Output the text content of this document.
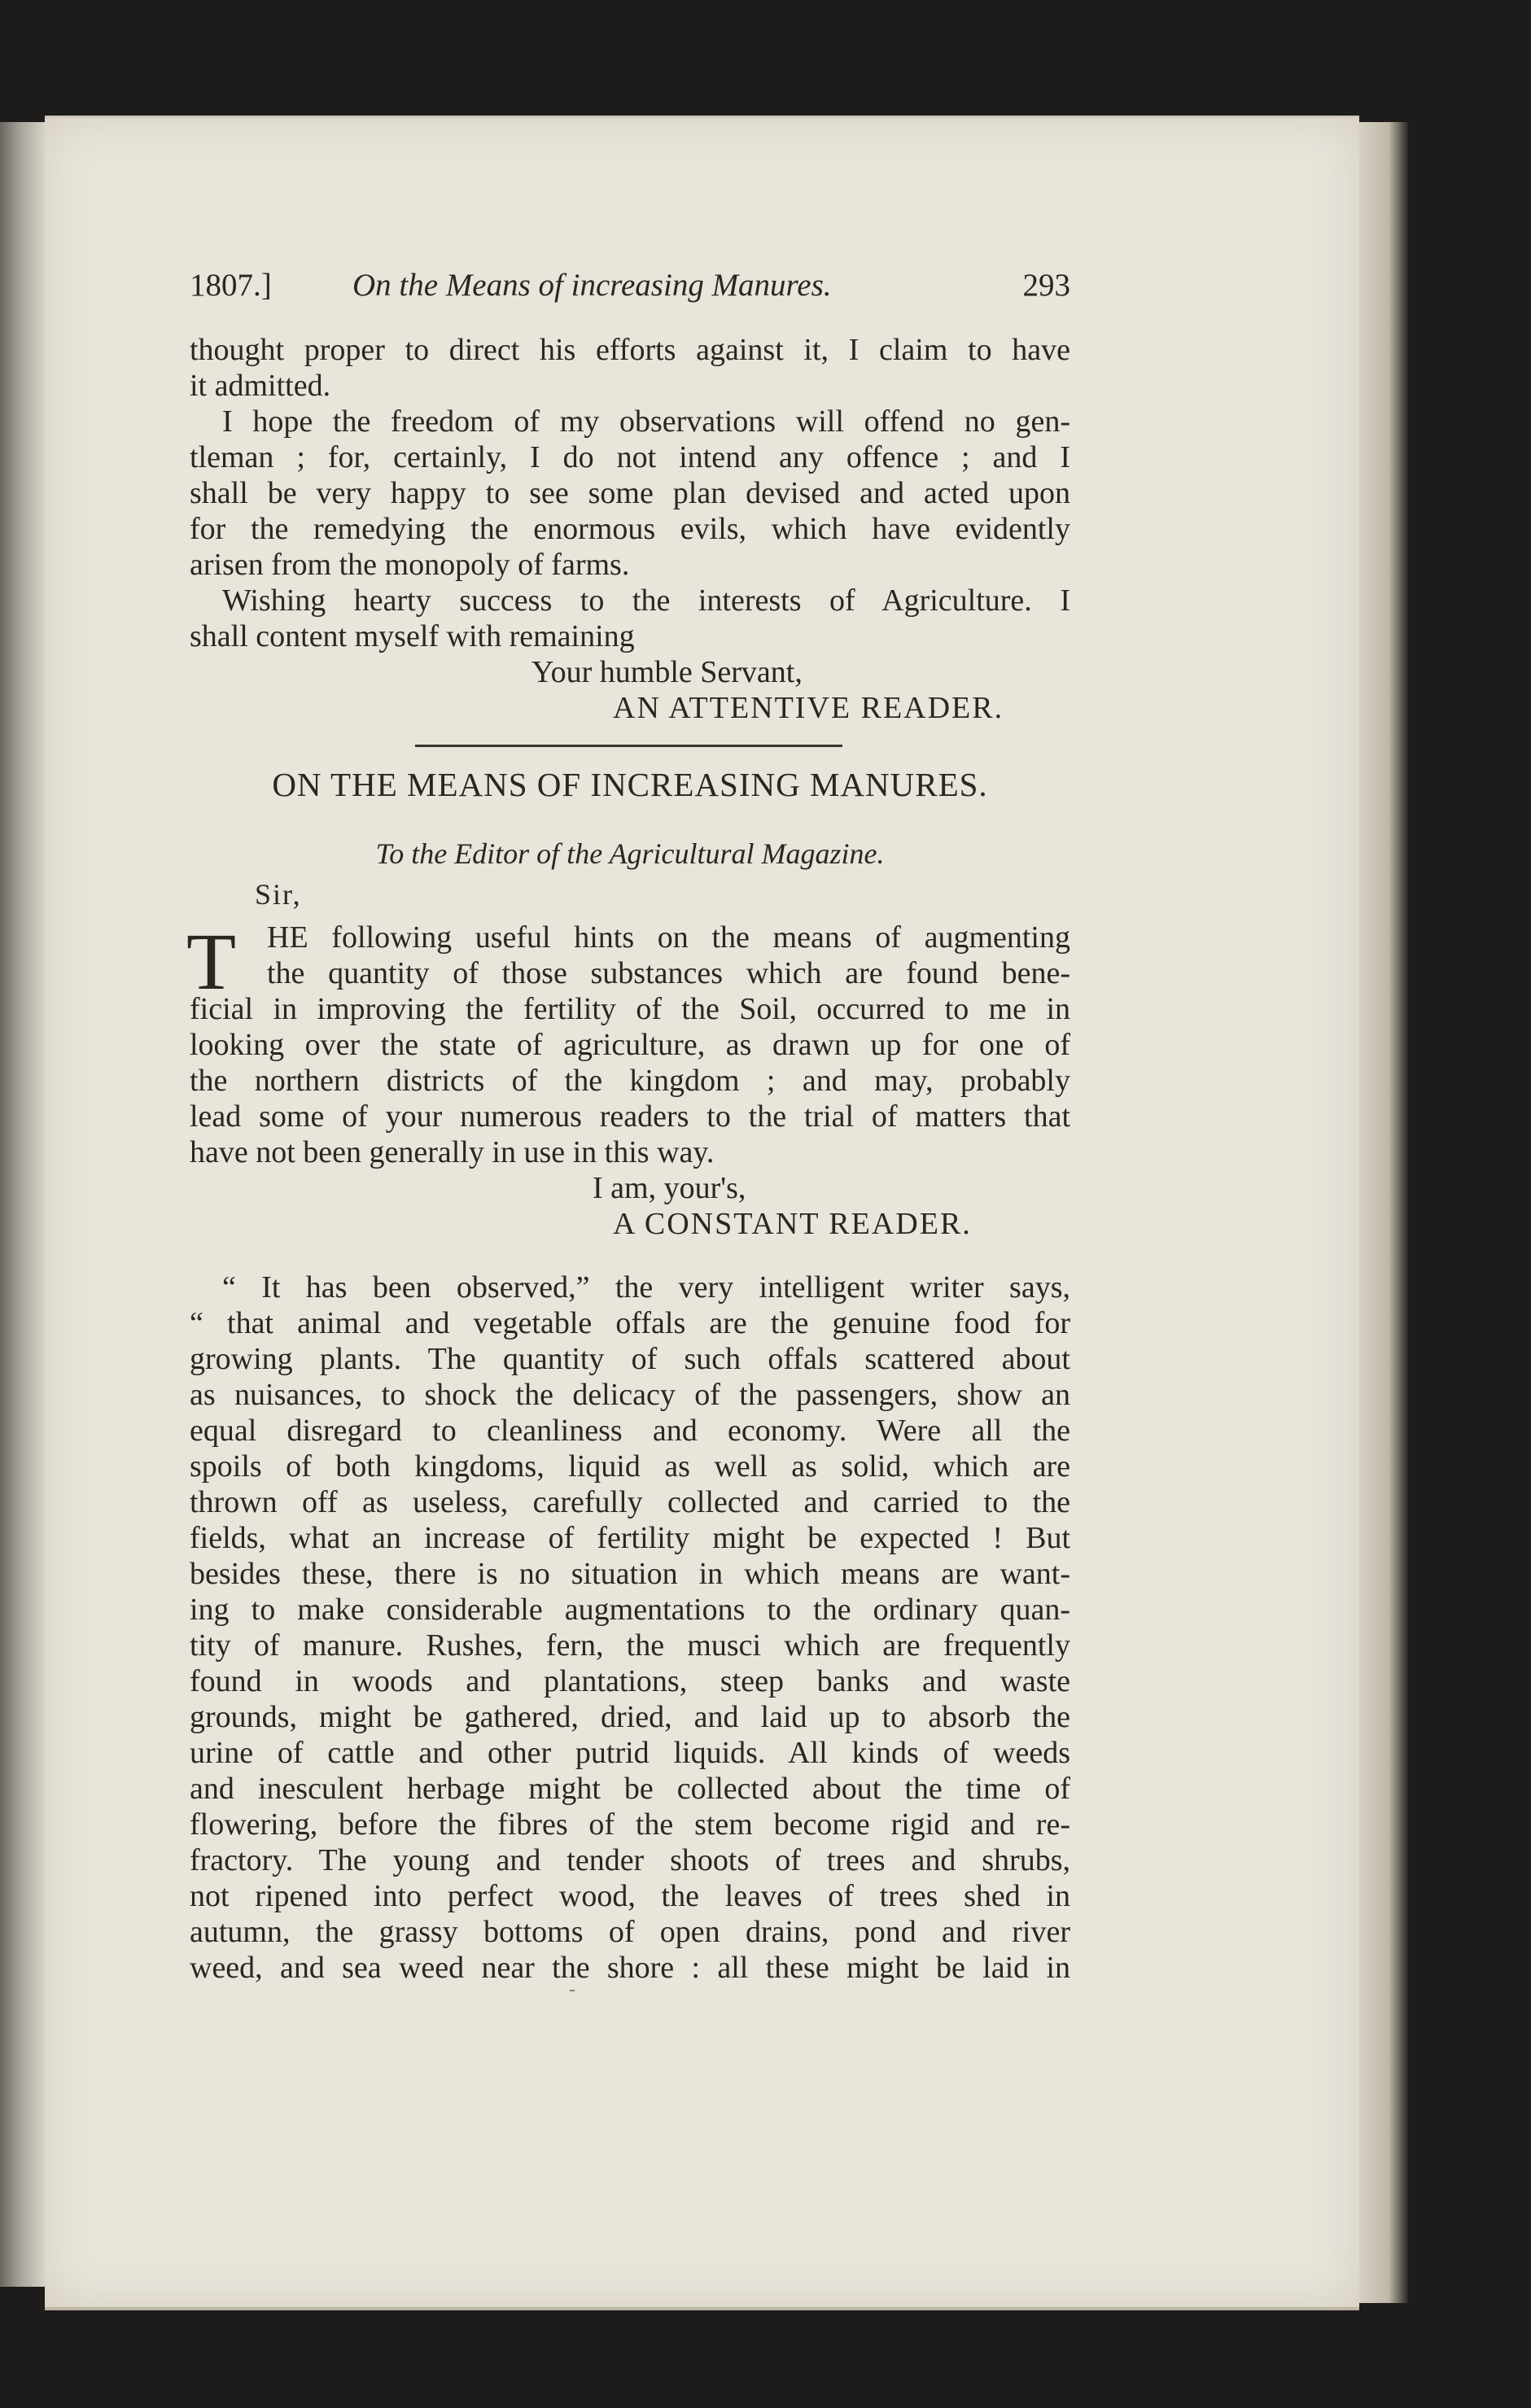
1807.]	On the Means of increasing Manures.	293
thought proper to direct his efforts against it, I claim to have
it admitted.
I hope the freedom of my observations will offend no gen-
tleman ; for, certainly, I do not intend any offence ; and I
shall be very happy to see some plan devised and acted upon
for the remedying the enormous evils, which have evidently
arisen from the monopoly of farms.
Wishing hearty success to the interests of Agriculture. I
shall content myself with remaining
Your humble Servant,
AN ATTENTIVE READER.
ON THE MEANS OF INCREASING MANURES.
To the Editor of the Agricultural Magazine.
Sir,
T HE following useful hints on the means of augmenting
the quantity of those substances which are found bene-
ficial in improving the fertility of the Soil, occurred to me in
looking over the state of agriculture, as drawn up for one of
the northern districts of the kingdom ; and may, probably
lead some of your numerous readers to the trial of matters that
have not been generally in use in this way.
I am, your's,
A CONSTANT READER.
“ It has been observed,” the very intelligent writer says,
“ that animal and vegetable offals are the genuine food for
growing plants. The quantity of such offals scattered about
as nuisances, to shock the delicacy of the passengers, show an
equal disregard to cleanliness and economy. Were all the
spoils of both kingdoms, liquid as well as solid, which are
thrown off as useless, carefully collected and carried to the
fields, what an increase of fertility might be expected ! But
besides these, there is no situation in which means are want-
ing to make considerable augmentations to the ordinary quan-
tity of manure. Rushes, fern, the musci which are frequently
found in woods and plantations, steep banks and waste
grounds, might be gathered, dried, and laid up to absorb the
urine of cattle and other putrid liquids. All kinds of weeds
and inesculent herbage might be collected about the time of
flowering, before the fibres of the stem become rigid and re-
fractory. The young and tender shoots of trees and shrubs,
not ripened into perfect wood, the leaves of trees shed in
autumn, the grassy bottoms of open drains, pond and river
weed, and sea weed near the shore : all these might be laid in
